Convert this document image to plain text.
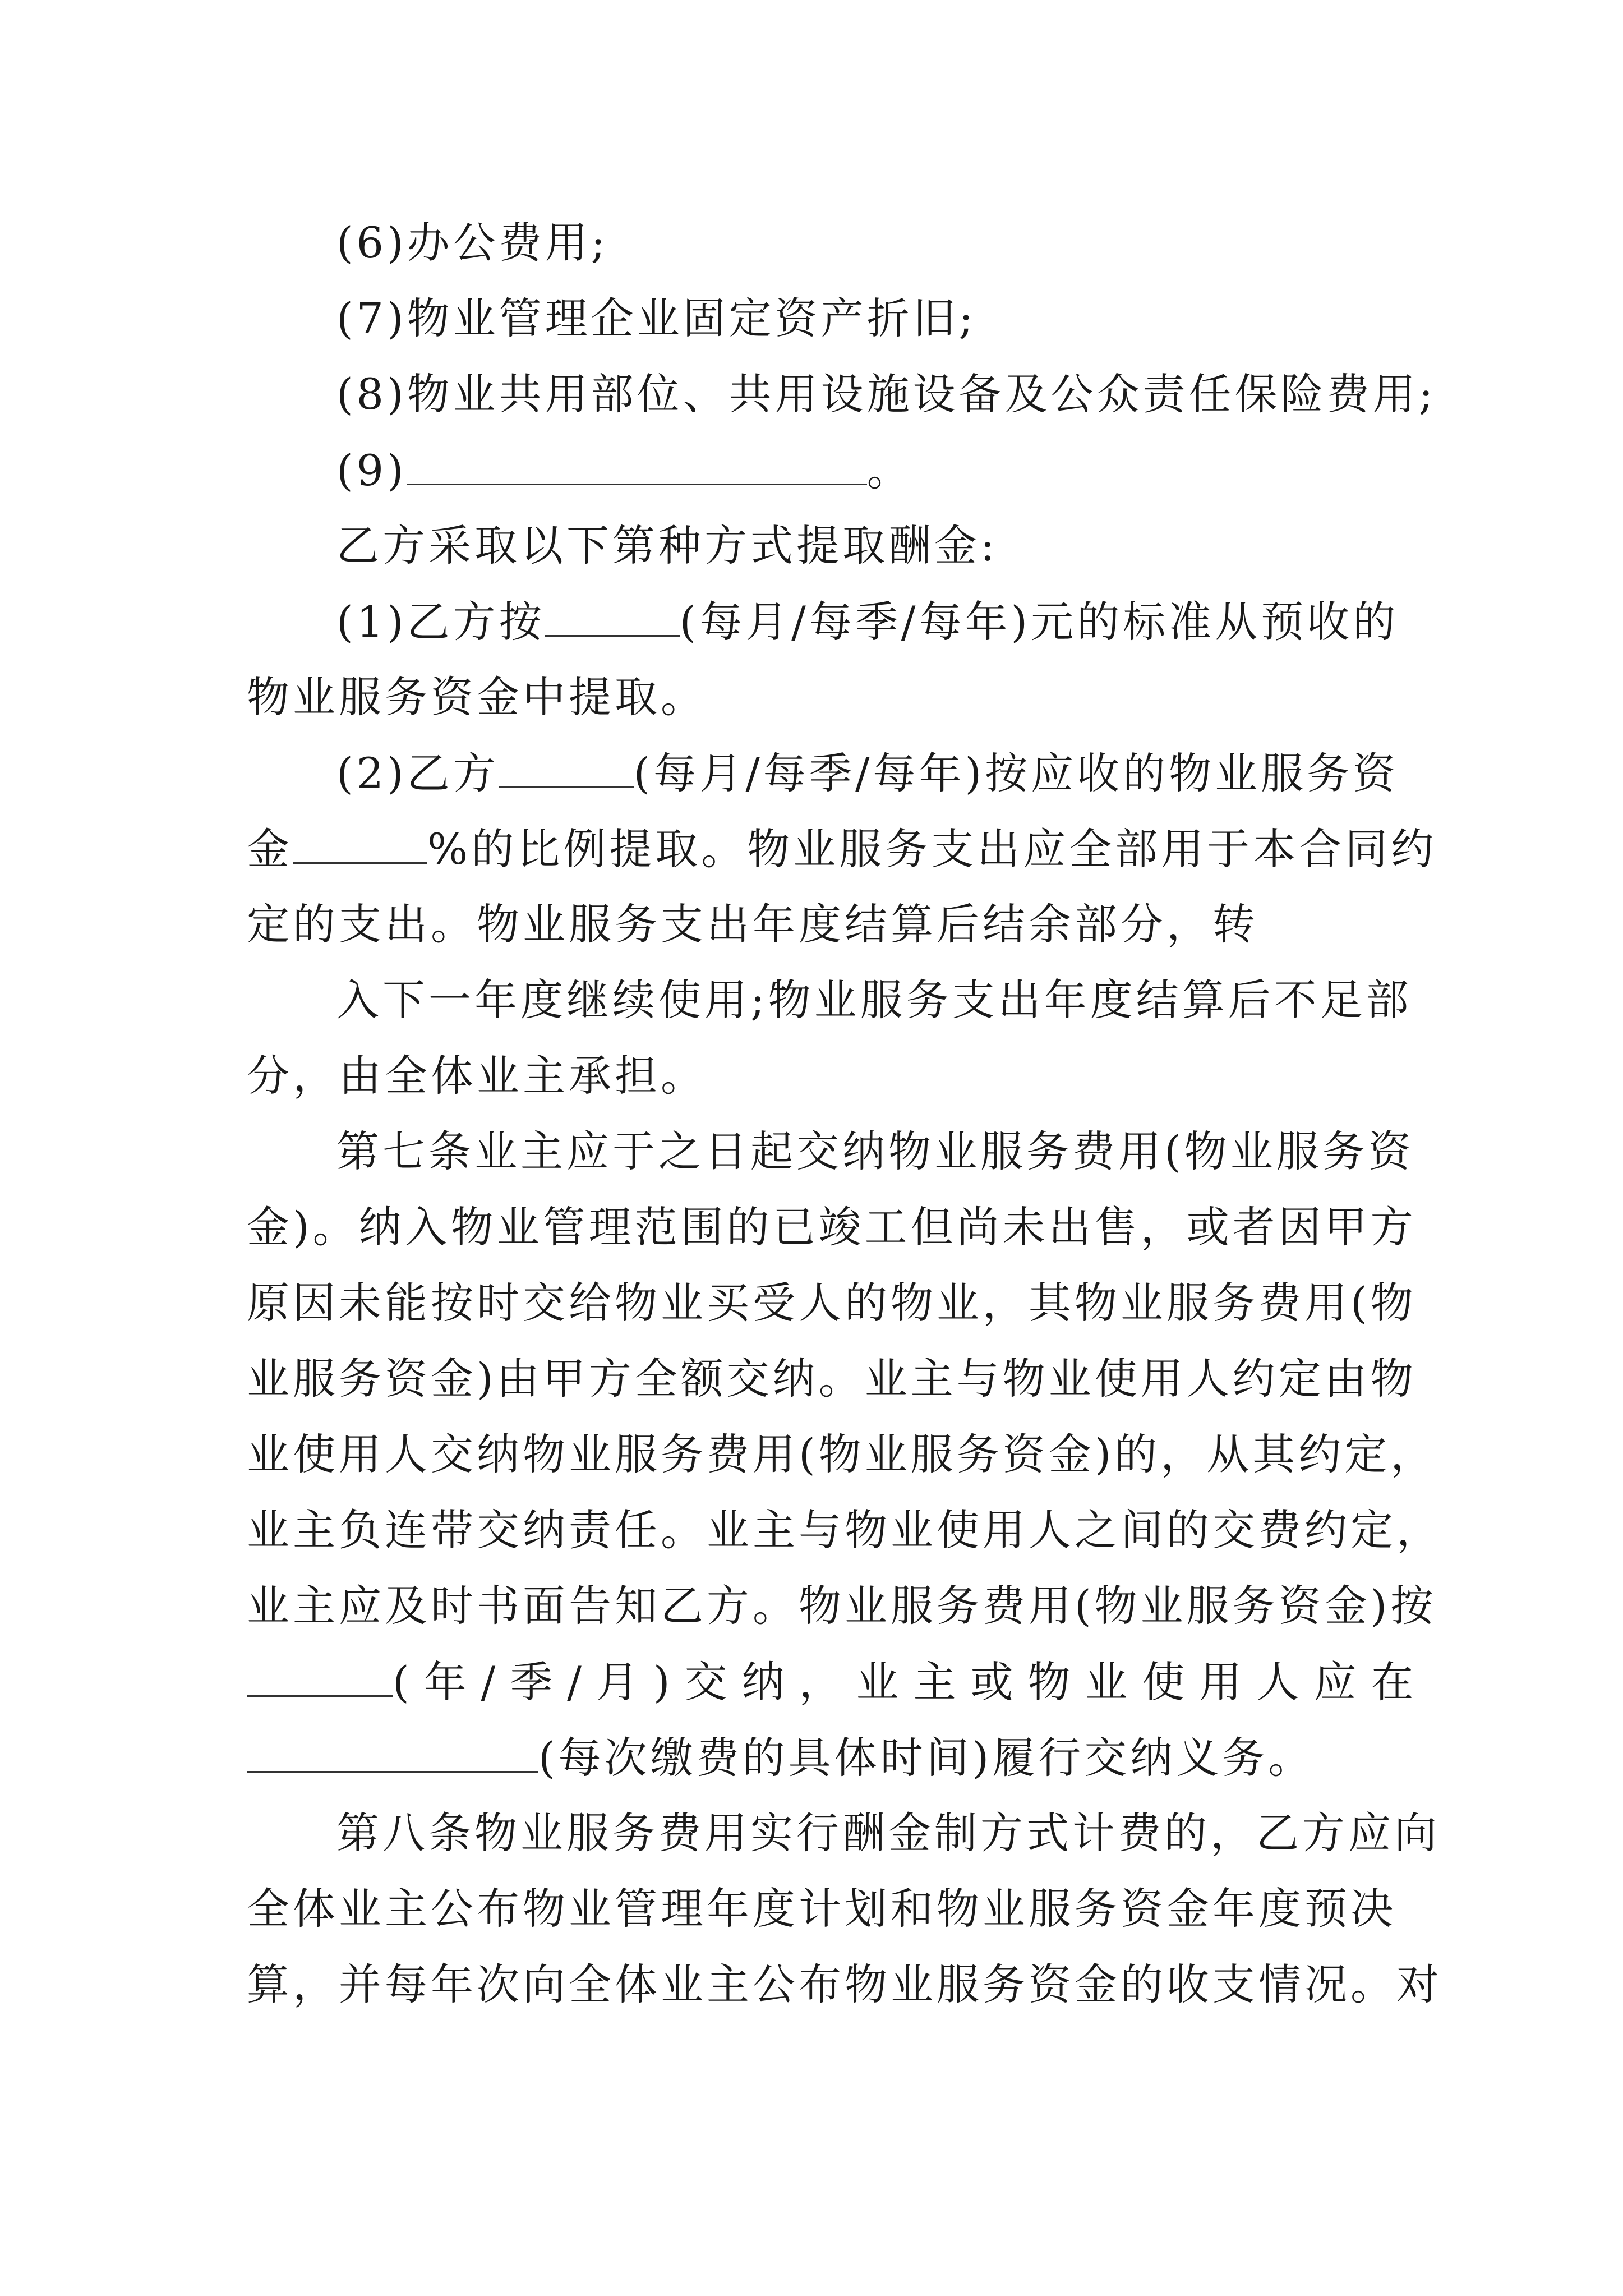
(6)办公费用;
(7)物业管理企业固定资产折旧;
(8)物业共用部位、共用设施设备及公众责任保险费用;
(9)	。
乙方采取以下第种方式提取酬金:
(1)乙方按	(每月/每季/每年)元的标准从预收的
物业服务资金中提取。
(2)乙方	(每月/每季/每年)按应收的物业服务资
金	%的比例提取。物业服务支出应全部用于本合同约
定的支出。物业服务支出年度结算后结余部分，转
入下一年度继续使用;物业服务支出年度结算后不足部
分，由全体业主承担。
第七条业主应于之日起交纳物业服务费用(物业服务资
金)。纳入物业管理范围的已竣工但尚未出售，或者因甲方
原因未能按时交给物业买受人的物业，其物业服务费用(物
业服务资金)由甲方全额交纳。业主与物业使用人约定由物
业使用人交纳物业服务费用(物业服务资金)的，从其约定，
业主负连带交纳责任。业主与物业使用人之间的交费约定，
业主应及时书面告知乙方。物业服务费用(物业服务资金)按
(年/季/月)交纳，业主或物业使用人应在
(每次缴费的具体时间)履行交纳义务。
第八条物业服务费用实行酬金制方式计费的，乙方应向
全体业主公布物业管理年度计划和物业服务资金年度预决
算，并每年次向全体业主公布物业服务资金的收支情况。对
